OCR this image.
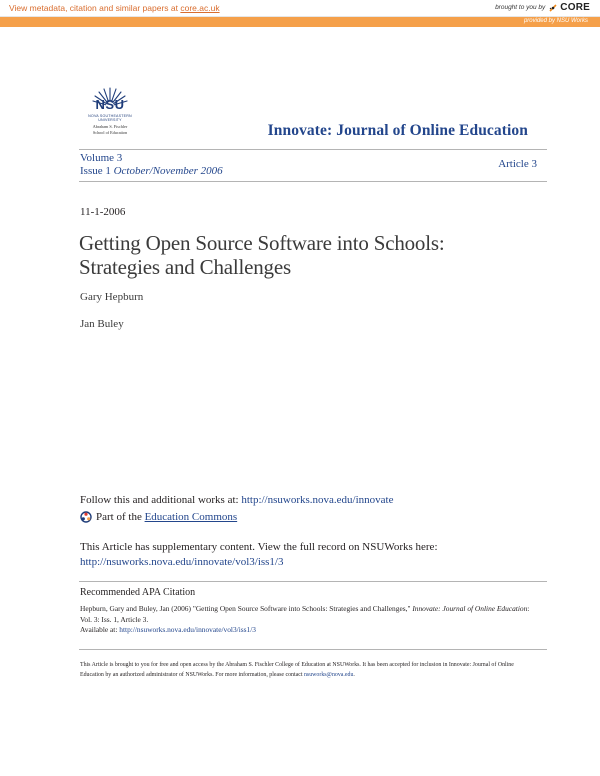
View metadata, citation and similar papers at core.ac.uk	brought to you by CORE
provided by NSU Works
NSU
NOVA SOUTHEASTERN UNIVERSITY
Abraham S. Fischler
School of Education	Innovate: Journal of Online Education
Volume 3
Issue 1 October/November 2006
Article 3
11-1-2006
Getting Open Source Software into Schools:
Strategies and Challenges
Gary Hepburn
Jan Buley
Follow this and additional works at: http://nsuworks.nova.edu/innovate
Part of the Education Commons
This Article has supplementary content. View the full record on NSUWorks here:
http://nsuworks.nova.edu/innovate/vol3/iss1/3
Recommended APA Citation
Hepburn, Gary and Buley, Jan (2006) "Getting Open Source Software into Schools: Strategies and Challenges," Innovate: Journal of Online Education: Vol. 3: Iss. 1, Article 3.
Available at: http://nsuworks.nova.edu/innovate/vol3/iss1/3
This Article is brought to you for free and open access by the Abraham S. Fischler College of Education at NSUWorks. It has been accepted for inclusion in Innovate: Journal of Online Education by an authorized administrator of NSUWorks. For more information, please contact nsuworks@nova.edu.
